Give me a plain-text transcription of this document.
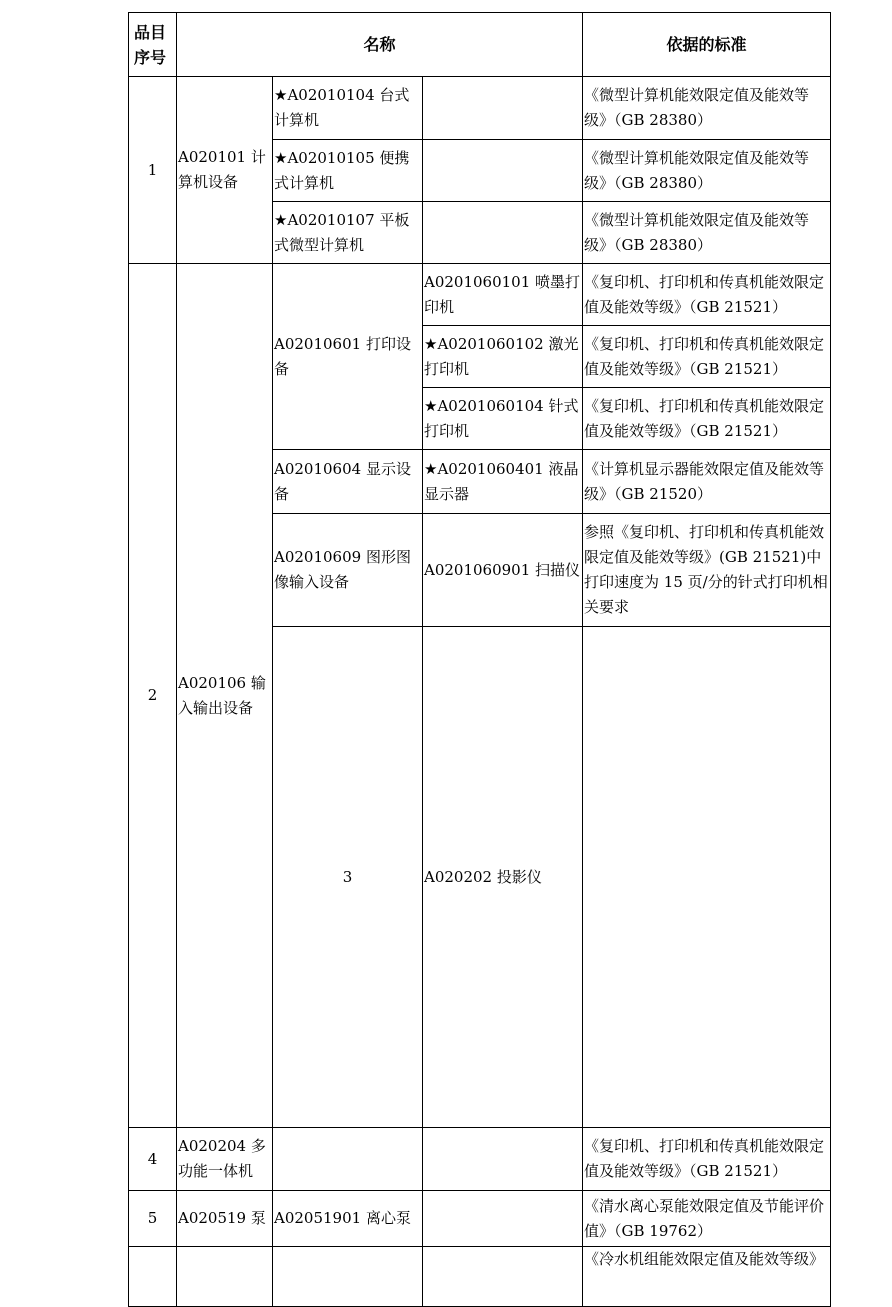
品目序号	名称			依据的标准	
1	A020101 计算机设备	★A02010104 台式计算机		《微型计算机能效限定值及能效等级》（GB 28380）	
		★A02010105 便携式计算机		《微型计算机能效限定值及能效等级》（GB 28380）	
		★A02010107 平板式微型计算机		《微型计算机能效限定值及能效等级》（GB 28380）	
2	A020106 输入输出设备	A02010601 打印设备	A0201060101 喷墨打印机	《复印机、打印机和传真机能效限定值及能效等级》（GB 21521）	
			★A0201060102 激光打印机	《复印机、打印机和传真机能效限定值及能效等级》（GB 21521）	
			★A0201060104 针式打印机	《复印机、打印机和传真机能效限定值及能效等级》（GB 21521）	
		A02010604 显示设备	★A0201060401 液晶显示器	《计算机显示器能效限定值及能效等级》（GB 21520）	
		A02010609 图形图像输入设备	A0201060901 扫描仪	参照《复印机、打印机和传真机能效限定值及能效等级》(GB 21521)中打印速度为 15 页/分的针式打印机相关要求	
		3	A020202 投影仪			
4	A020204 多功能一体机			《复印机、打印机和传真机能效限定值及能效等级》（GB 21521）	
5	A020519 泵	A02051901 离心泵		《清水离心泵能效限定值及节能评价值》（GB 19762）	
				《冷水机组能效限定值及能效等级》	
